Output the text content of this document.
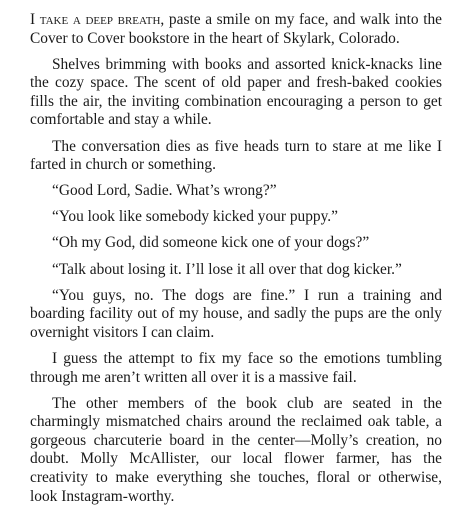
I take a deep breath, paste a smile on my face, and walk into the Cover to Cover bookstore in the heart of Skylark, Colorado.

Shelves brimming with books and assorted knick-knacks line the cozy space. The scent of old paper and fresh-baked cookies fills the air, the inviting combination encouraging a person to get comfortable and stay a while.

The conversation dies as five heads turn to stare at me like I farted in church or something.

“Good Lord, Sadie. What’s wrong?”

“You look like somebody kicked your puppy.”

“Oh my God, did someone kick one of your dogs?”

“Talk about losing it. I’ll lose it all over that dog kicker.”

“You guys, no. The dogs are fine.” I run a training and boarding facility out of my house, and sadly the pups are the only overnight visitors I can claim.

I guess the attempt to fix my face so the emotions tumbling through me aren’t written all over it is a massive fail.

The other members of the book club are seated in the charmingly mismatched chairs around the reclaimed oak table, a gorgeous charcuterie board in the center—Molly’s creation, no doubt. Molly McAllister, our local flower farmer, has the creativity to make everything she touches, floral or otherwise, look Instagram-worthy.
